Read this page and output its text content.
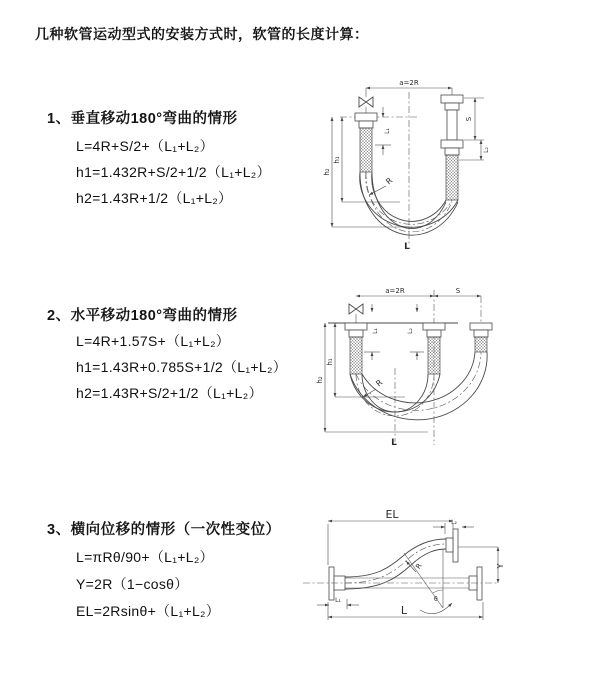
几种软管运动型式的安装方式时，软管的长度计算：
1、垂直移动180°弯曲的情形
L=4R+S/2+（L₁+L₂）
h1=1.432R+S/2+1/2（L₁+L₂）
h2=1.43R+1/2（L₁+L₂）
2、水平移动180°弯曲的情形
L=4R+1.57S+（L₁+L₂）
h1=1.43R+0.785S+1/2（L₁+L₂）
h2=1.43R+S/2+1/2（L₁+L₂）
3、横向位移的情形（一次性变位）
L=πRθ/90+（L₁+L₂）
Y=2R（1−cosθ）
EL=2Rsinθ+（L₁+L₂）
a=2R
h₂
h₁
L₁
S
L₂
R
L
a=2R	S
L₁	L₂
h₂
h₁
R
L
EL
L₂
Y
θ
R
L₁
L
